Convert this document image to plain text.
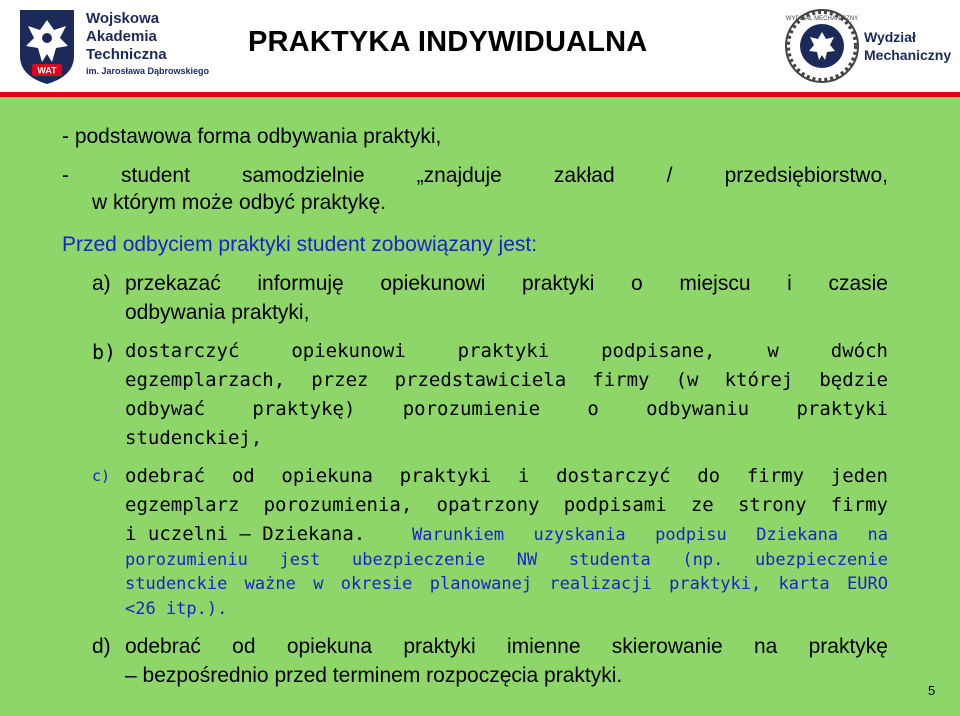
WAT
Wojskowa
Akademia
Techniczna
im. Jarosława Dąbrowskiego
PRAKTYKA INDYWIDUALNA
WYDZIAŁ MECHANICZNY
Wydział
Mechaniczny

- podstawowa forma odbywania praktyki,

- student samodzielnie „znajduje zakład / przedsiębiorstwo,

w którym może odbyć praktykę.

Przed odbyciem praktyki student zobowiązany jest:

a) przekazać informuję opiekunowi praktyki o miejscu i czasie

odbywania praktyki,

b) dostarczyć opiekunowi praktyki podpisane, w dwóch

egzemplarzach, przez przedstawiciela firmy (w której będzie

odbywać praktykę) porozumienie o odbywaniu praktyki

studenckiej,

c) odebrać od opiekuna praktyki i dostarczyć do firmy jeden

egzemplarz porozumienia, opatrzony podpisami ze strony firmy

i uczelni – Dziekana.	Warunkiem uzyskania podpisu Dziekana na

porozumieniu jest ubezpieczenie NW studenta (np. ubezpieczenie

studenckie ważne w okresie planowanej realizacji praktyki, karta EURO

<26 itp.).

d) odebrać od opiekuna praktyki imienne skierowanie na praktykę

– bezpośrednio przed terminem rozpoczęcia praktyki.

5
